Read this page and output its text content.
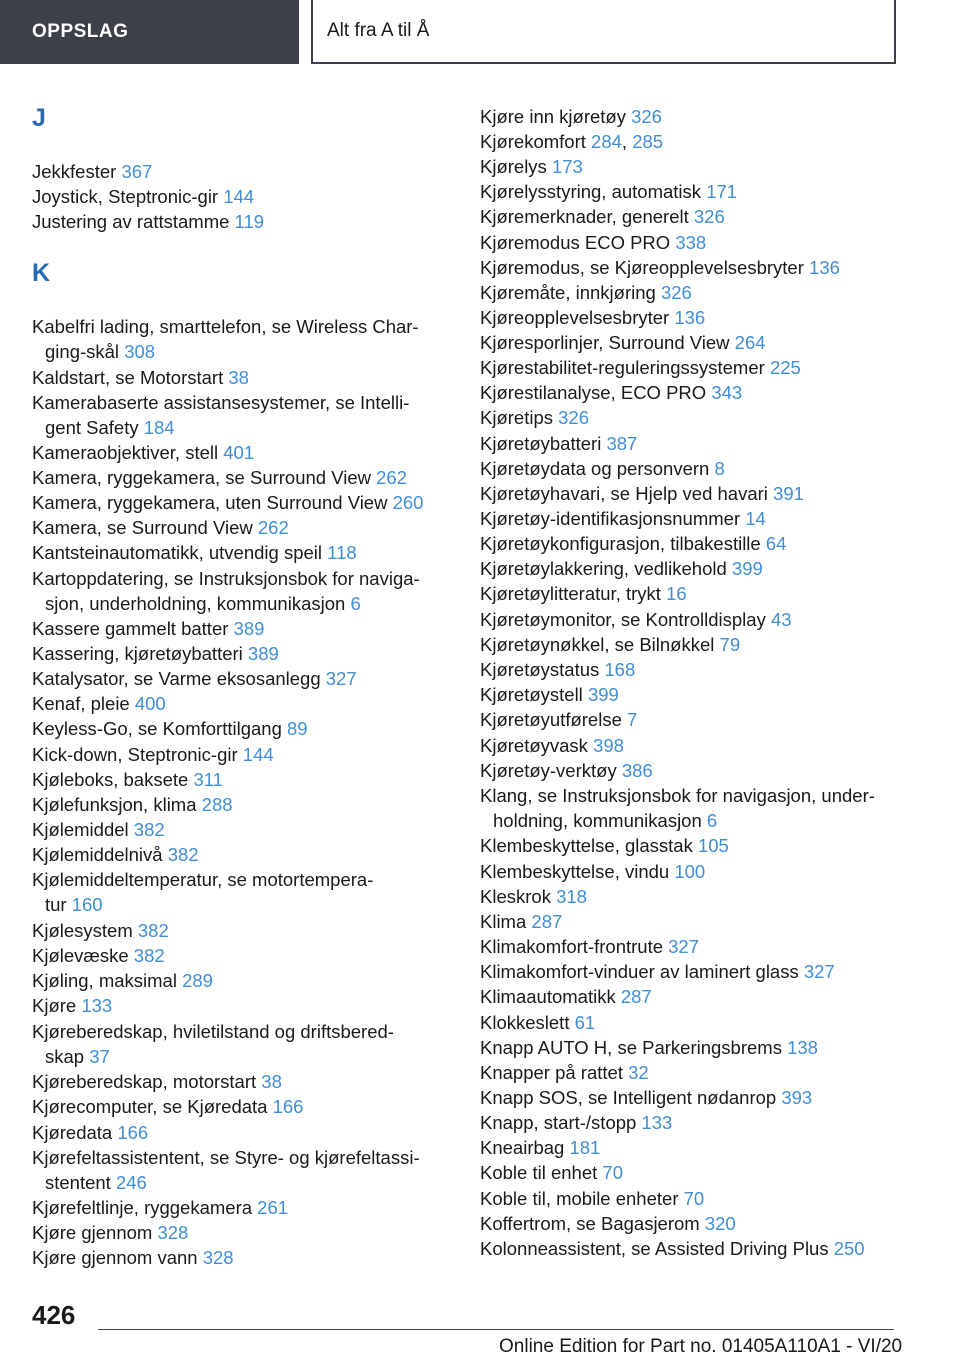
OPPSLAG	Alt fra A til Å
J
Jekkfester 367
Joystick, Steptronic-gir 144
Justering av rattstamme 119
K
Kabelfri lading, smarttelefon, se Wireless Char-
ging-skål 308
Kaldstart, se Motorstart 38
Kamerabaserte assistansesystemer, se Intelli-
gent Safety 184
Kameraobjektiver, stell 401
Kamera, ryggekamera, se Surround View 262
Kamera, ryggekamera, uten Surround View 260
Kamera, se Surround View 262
Kantsteinautomatikk, utvendig speil 118
Kartoppdatering, se Instruksjonsbok for naviga-
sjon, underholdning, kommunikasjon 6
Kassere gammelt batter 389
Kassering, kjøretøybatteri 389
Katalysator, se Varme eksosanlegg 327
Kenaf, pleie 400
Keyless-Go, se Komforttilgang 89
Kick-down, Steptronic-gir 144
Kjøleboks, baksete 311
Kjølefunksjon, klima 288
Kjølemiddel 382
Kjølemiddelnivå 382
Kjølemiddeltemperatur, se motortempera-
tur 160
Kjølesystem 382
Kjølevæske 382
Kjøling, maksimal 289
Kjøre 133
Kjøreberedskap, hviletilstand og driftsbered-
skap 37
Kjøreberedskap, motorstart 38
Kjørecomputer, se Kjøredata 166
Kjøredata 166
Kjørefeltassistentent, se Styre- og kjørefeltassi-
stentent 246
Kjørefeltlinje, ryggekamera 261
Kjøre gjennom 328
Kjøre gjennom vann 328
Kjøre inn kjøretøy 326
Kjørekomfort 284, 285
Kjørelys 173
Kjørelysstyring, automatisk 171
Kjøremerknader, generelt 326
Kjøremodus ECO PRO 338
Kjøremodus, se Kjøreopplevelsesbryter 136
Kjøremåte, innkjøring 326
Kjøreopplevelsesbryter 136
Kjøresporlinjer, Surround View 264
Kjørestabilitet-reguleringssystemer 225
Kjørestilanalyse, ECO PRO 343
Kjøretips 326
Kjøretøybatteri 387
Kjøretøydata og personvern 8
Kjøretøyhavari, se Hjelp ved havari 391
Kjøretøy-identifikasjonsnummer 14
Kjøretøykonfigurasjon, tilbakestille 64
Kjøretøylakkering, vedlikehold 399
Kjøretøylitteratur, trykt 16
Kjøretøymonitor, se Kontrolldisplay 43
Kjøretøynøkkel, se Bilnøkkel 79
Kjøretøystatus 168
Kjøretøystell 399
Kjøretøyutførelse 7
Kjøretøyvask 398
Kjøretøy-verktøy 386
Klang, se Instruksjonsbok for navigasjon, under-
holdning, kommunikasjon 6
Klembeskyttelse, glasstak 105
Klembeskyttelse, vindu 100
Kleskrok 318
Klima 287
Klimakomfort-frontrute 327
Klimakomfort-vinduer av laminert glass 327
Klimaautomatikk 287
Klokkeslett 61
Knapp AUTO H, se Parkeringsbrems 138
Knapper på rattet 32
Knapp SOS, se Intelligent nødanrop 393
Knapp, start-/stopp 133
Kneairbag 181
Koble til enhet 70
Koble til, mobile enheter 70
Koffertrom, se Bagasjerom 320
Kolonneassistent, se Assisted Driving Plus 250
426
Online Edition for Part no. 01405A110A1 - VI/20
